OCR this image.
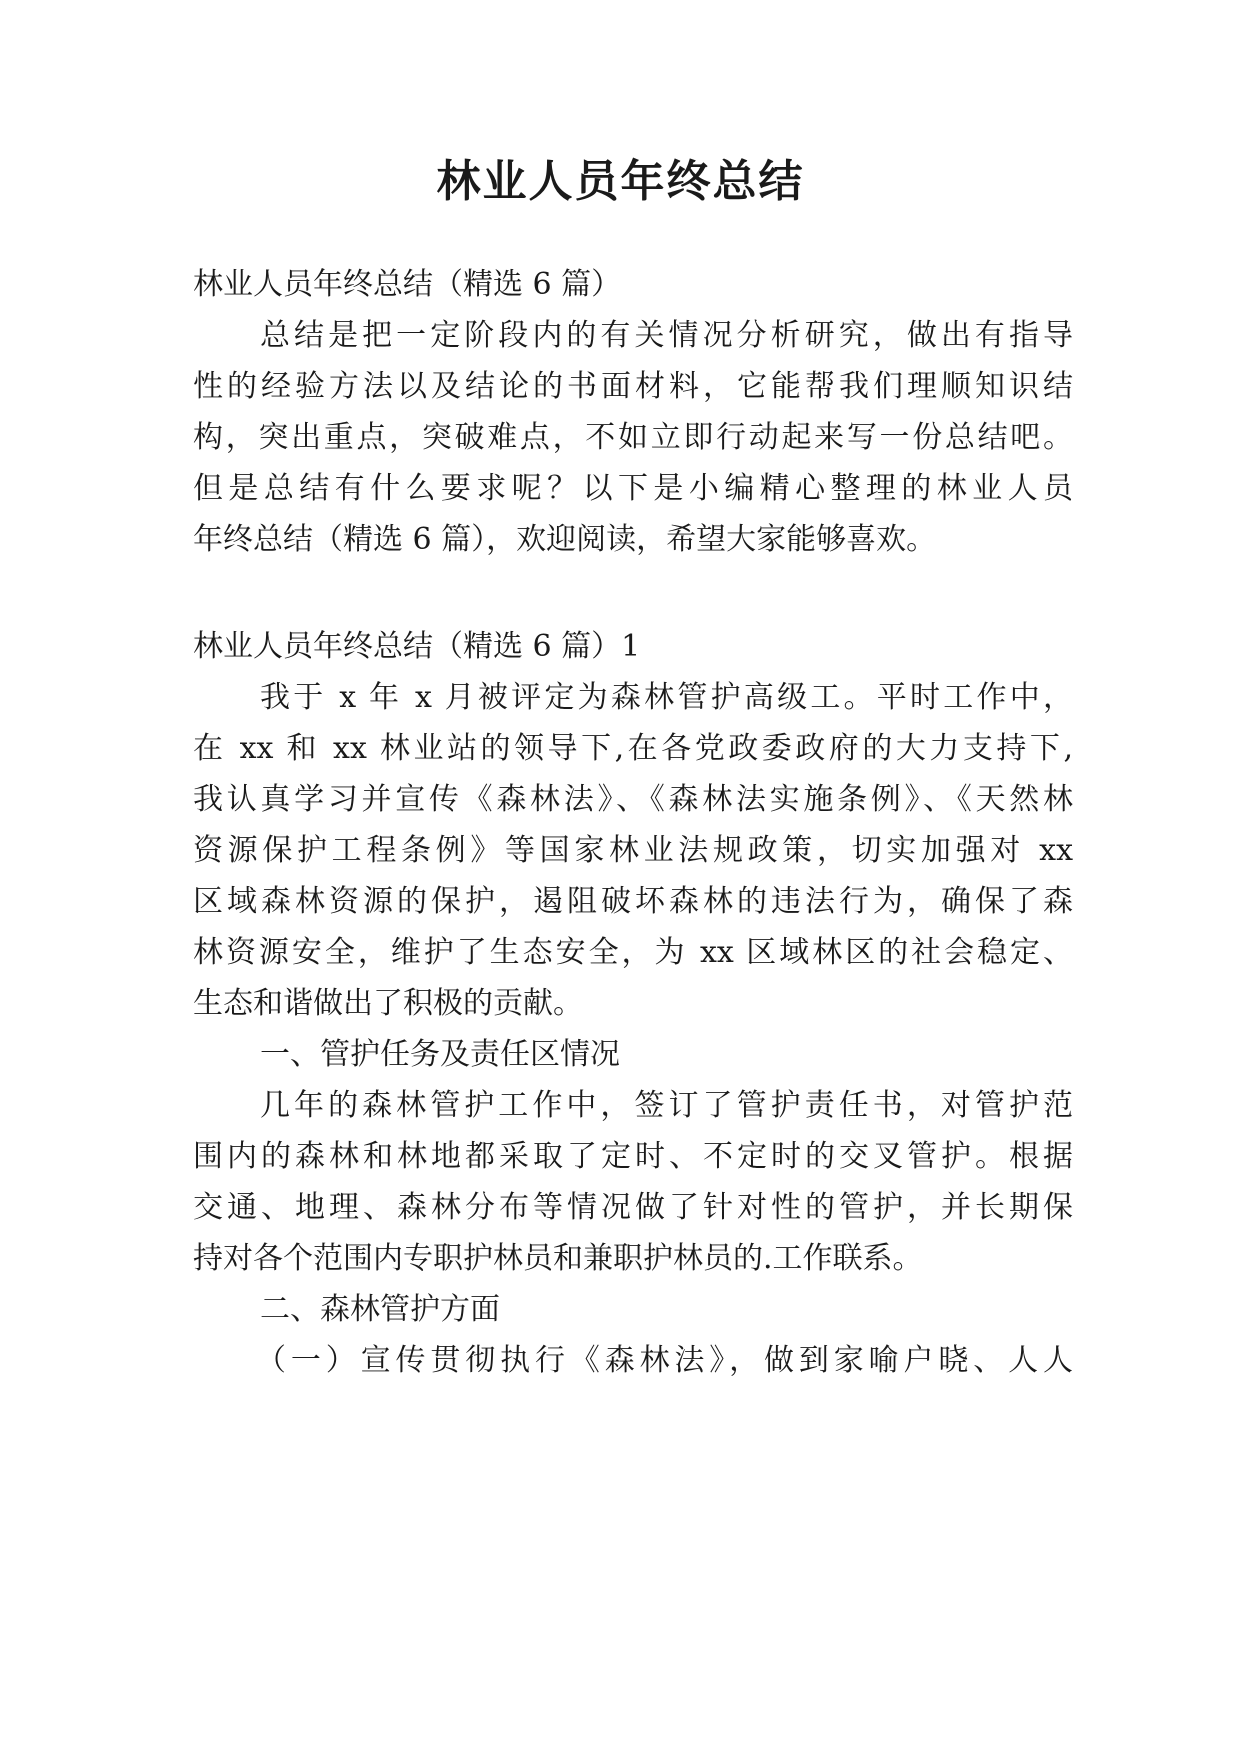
林业人员年终总结

林业人员年终总结（精选 6 篇）

总结是把一定阶段内的有关情况分析研究，做出有指导

性的经验方法以及结论的书面材料，它能帮我们理顺知识结

构，突出重点，突破难点，不如立即行动起来写一份总结吧。

但是总结有什么要求呢？以下是小编精心整理的林业人员

年终总结（精选 6 篇），欢迎阅读，希望大家能够喜欢。

林业人员年终总结（精选 6 篇）1

我于 x 年 x 月被评定为森林管护高级工。平时工作中，

在 xx 和 xx 林业站的领导下,在各党政委政府的大力支持下,

我认真学习并宣传《森林法》、《森林法实施条例》、《天然林

资源保护工程条例》等国家林业法规政策，切实加强对 xx

区域森林资源的保护，遏阻破坏森林的违法行为，确保了森

林资源安全，维护了生态安全，为 xx 区域林区的社会稳定、

生态和谐做出了积极的贡献。

一、管护任务及责任区情况

几年的森林管护工作中，签订了管护责任书，对管护范

围内的森林和林地都采取了定时、不定时的交叉管护。根据

交通、地理、森林分布等情况做了针对性的管护，并长期保

持对各个范围内专职护林员和兼职护林员的.工作联系。

二、森林管护方面

（一）宣传贯彻执行《森林法》，做到家喻户晓、人人
